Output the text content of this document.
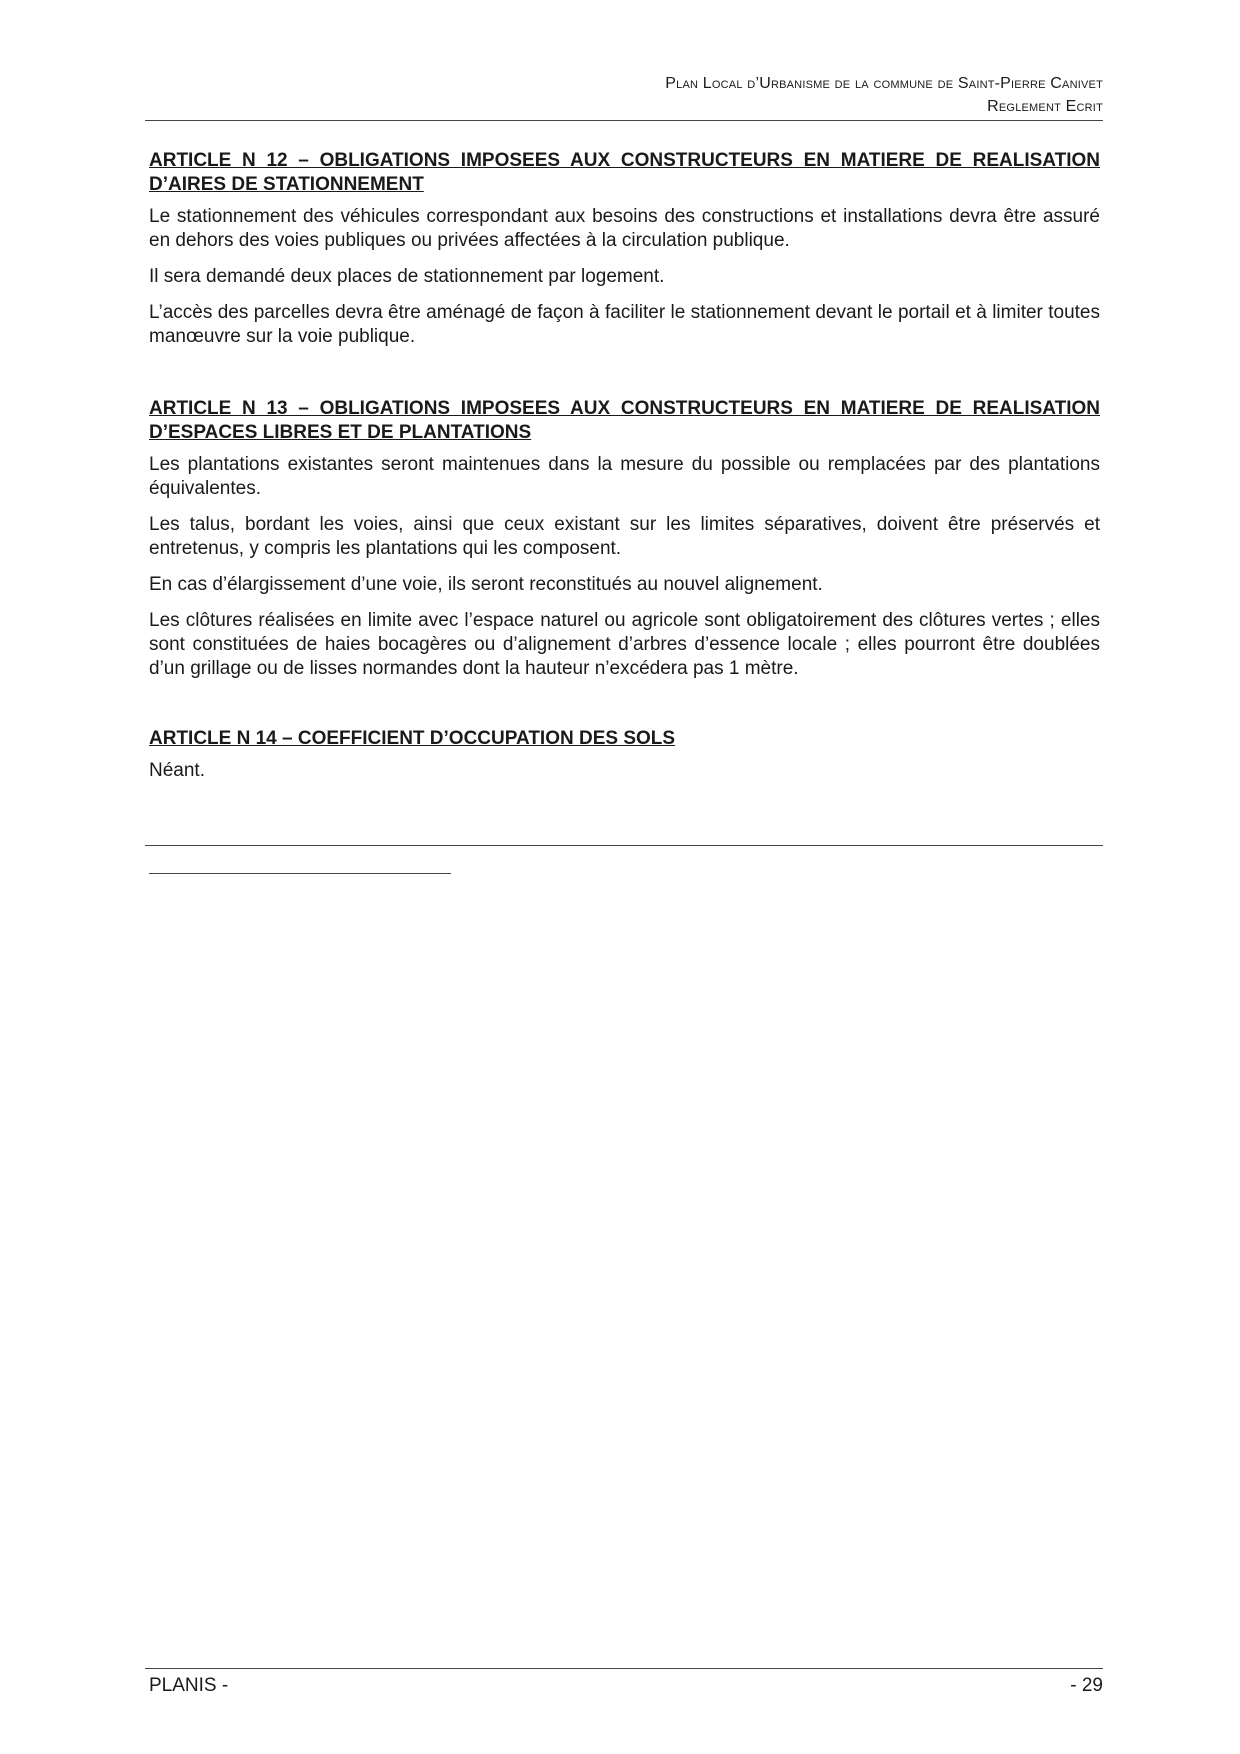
Plan Local d’Urbanisme de la commune de Saint-Pierre Canivet
Reglement Ecrit
ARTICLE N 12 – OBLIGATIONS IMPOSEES AUX CONSTRUCTEURS EN MATIERE DE REALISATION D’AIRES DE STATIONNEMENT

Le stationnement des véhicules correspondant aux besoins des constructions et installations devra être assuré en dehors des voies publiques ou privées affectées à la circulation publique.

Il sera demandé deux places de stationnement par logement.

L’accès des parcelles devra être aménagé de façon à faciliter le stationnement devant le portail et à limiter toutes manœuvre sur la voie publique.

ARTICLE N 13 – OBLIGATIONS IMPOSEES AUX CONSTRUCTEURS EN MATIERE DE REALISATION D’ESPACES LIBRES ET DE PLANTATIONS

Les plantations existantes seront maintenues dans la mesure du possible ou remplacées par des plantations équivalentes.

Les talus, bordant les voies, ainsi que ceux existant sur les limites séparatives, doivent être préservés et entretenus, y compris les plantations qui les composent.

En cas d’élargissement d’une voie, ils seront reconstitués au nouvel alignement.

Les clôtures réalisées en limite avec l’espace naturel ou agricole sont obligatoirement des clôtures vertes ; elles sont constituées de haies bocagères ou d’alignement d’arbres d’essence locale ; elles pourront être doublées d’un grillage ou de lisses normandes dont la hauteur n’excédera pas 1 mètre.

ARTICLE N 14 – COEFFICIENT D’OCCUPATION DES SOLS

Néant.

PLANIS -	- 29
